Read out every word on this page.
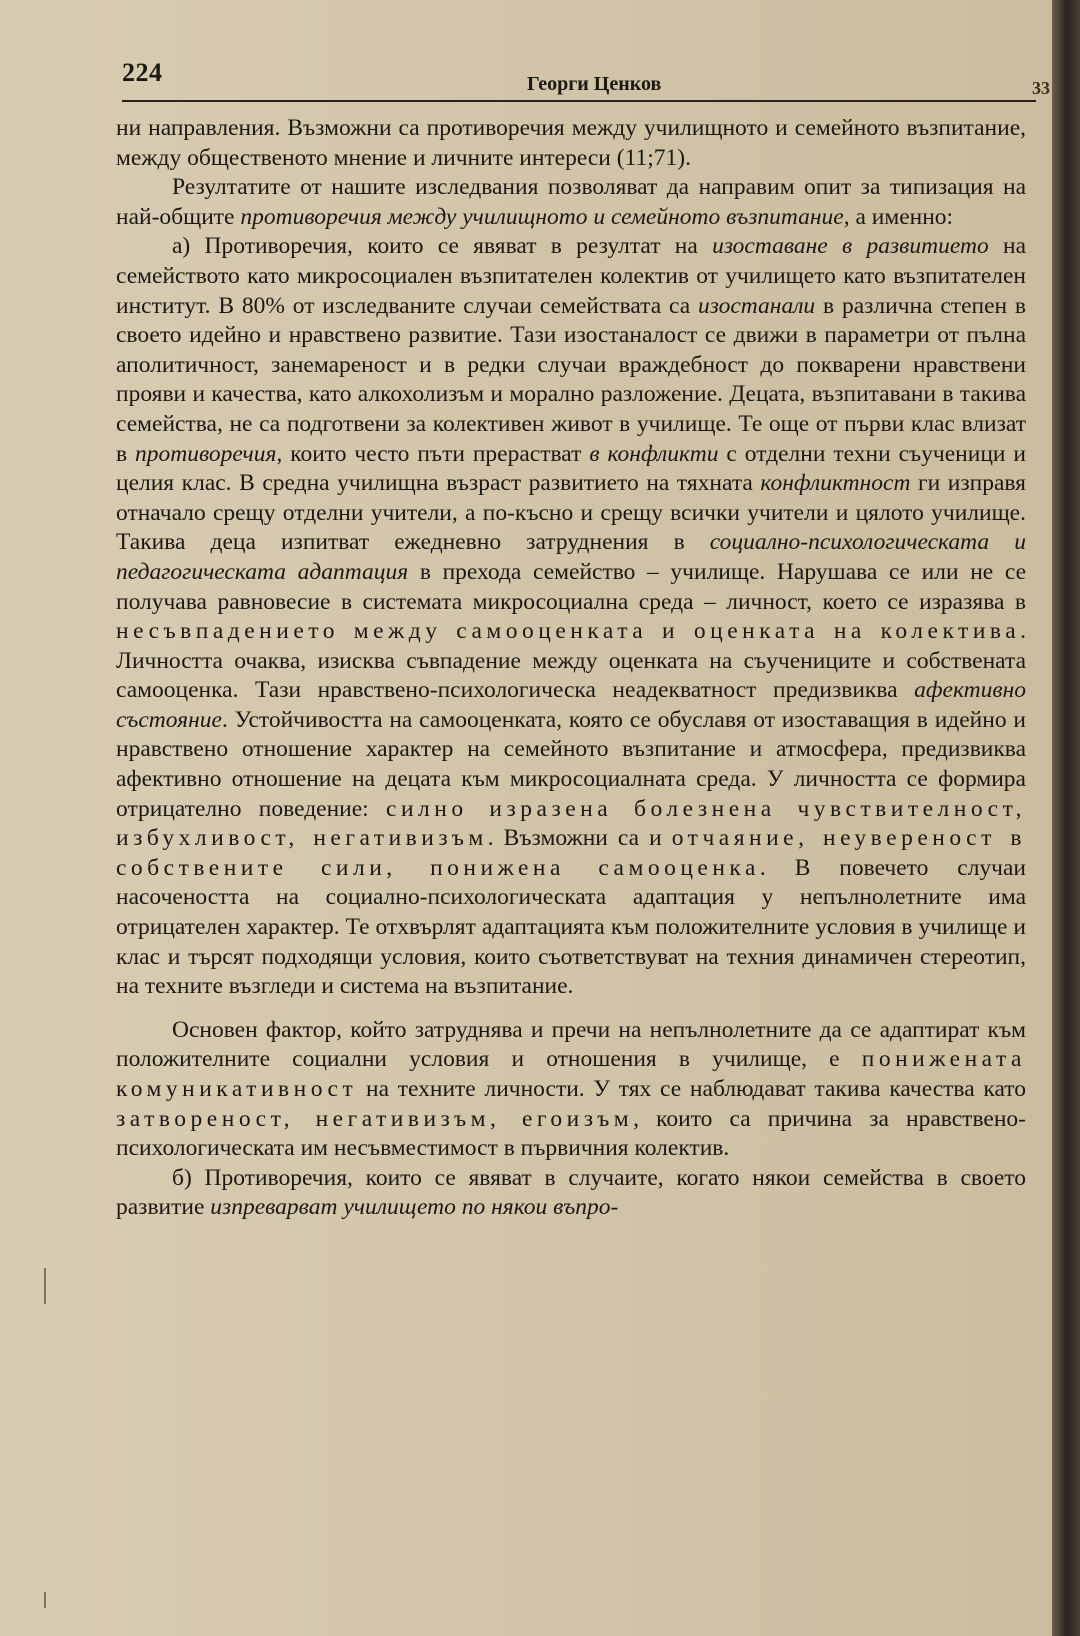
224	Георги Ценков

ни направления. Възможни са противоречия между училищното и семейното възпитание, между общественото мнение и личните интереси (11;71).

Резултатите от нашите изследвания позволяват да направим опит за типизация на най-общите противоречия между училищното и семейното възпитание, а именно:

а) Противоречия, които се явяват в резултат на изоставане в развитието на семейството като микросоциален възпитателен колектив от училището като възпитателен институт. В 80% от изследваните случаи семействата са изостанали в различна степен в своето идейно и нравствено развитие. Тази изостаналост се движи в параметри от пълна аполитичност, занемареност и в редки случаи враждебност до покварени нравствени прояви и качества, като алкохолизъм и морално разложение. Децата, възпитавани в такива семейства, не са подготвени за колективен живот в училище. Те още от първи клас влизат в противоречия, които често пъти прерастват в конфликти с отделни техни съученици и целия клас. В средна училищна възраст развитието на тяхната конфликтност ги изправя отначало срещу отделни учители, а по-късно и срещу всички учители и цялото училище. Такива деца изпитват ежедневно затруднения в социално-психологическата и педагогическата адаптация в прехода семейство – училище. Нарушава се или не се получава равновесие в системата микросоциална среда – личност, което се изразява в несъвпадението между самооценката и оценката на колектива. Личността очаква, изисква съвпадение между оценката на съучениците и собствената самооценка. Тази нравствено-психологическа неадекватност предизвиква афективно състояние. Устойчивостта на самооценката, която се обуславя от изоставащия в идейно и нравствено отношение характер на семейното възпитание и атмосфера, предизвиква афективно отношение на децата към микросоциалната среда. У личността се формира отрицателно поведение: силно изразена болезнена чувствителност, избухливост, негативизъм. Възможни са и отчаяние, неувереност в собствените сили, понижена самооценка. В повечето случаи насочеността на социално-психологическата адаптация у непълнолетните има отрицателен характер. Те отхвърлят адаптацията към положителните условия в училище и клас и търсят подходящи условия, които съответствуват на техния динамичен стереотип, на техните възгледи и система на възпитание.

Основен фактор, който затруднява и пречи на непълнолетните да се адаптират към положителните социални условия и отношения в училище, е понижената комуникативност на техните личности. У тях се наблюдават такива качества като затвореност, негативизъм, егоизъм, които са причина за нравствено-психологическата им несъвместимост в първичния колектив.

б) Противоречия, които се явяват в случаите, когато някои семейства в своето развитие изпреварват училището по някои въпро-

33
